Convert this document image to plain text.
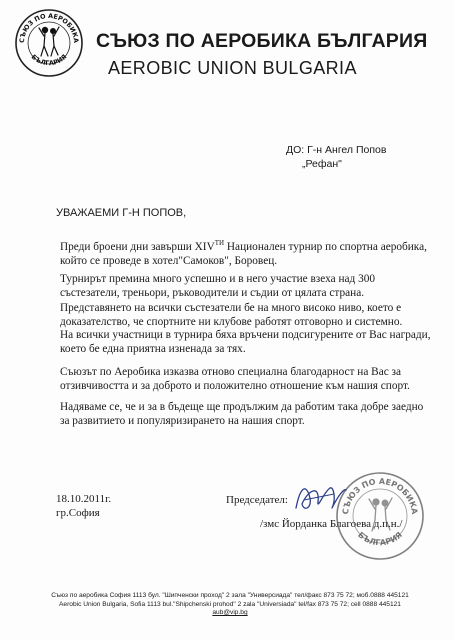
СЪЮЗ ПО АЕРОБИКА
БЪЛГАРИЯ
СЪЮЗ ПО АЕРОБИКА БЪЛГАРИЯ
AEROBIC UNION BULGARIA
ДО: Г-н Ангел Попов
„Рефан"
УВАЖАЕМИ Г-Н ПОПОВ,
Преди броени дни завърши $XIV^{ТИ}$ Национален турнир по спортна аеробика, който се проведе в хотел"Самоков", Боровец.
Турнирът премина много успешно и в него участие взеха над 300 състезатели, треньори, ръководители и съдии от цялата страна. Представянето на всички състезатели бе на много високо ниво, което е доказателство, че спортните ни клубове работят отговорно и системно.
На всички участници в турнира бяха връчени подсигурените от Вас награди, което бе една приятна изненада за тях.
Съюзът по Аеробика изказва отново специална благодарност на Вас за отзивчивостта и за доброто и положително отношение към нашия спорт.
Надяваме се, че и за в бъдеще ще продължим да работим така добре заедно за развитието и популяризирането на нашия спорт.
18.10.2011г.
гр.София
Председател:
СЪЮЗ ПО АЕРОБИКА
БЪЛГАРИЯ
/змс Йорданка Благоева д.п.н./
Съюз по аеробика София 1113 бул. "Шипченски проход" 2 зала "Универсиада" тел/факс 873 75 72; моб.0888 445121
Aerobic Union Bulgaria, Sofia 1113 bul."Shipchenski prohod" 2 zala "Universiada" tel/fax 873 75 72; cell 0888 445121
aub@vip.bg
